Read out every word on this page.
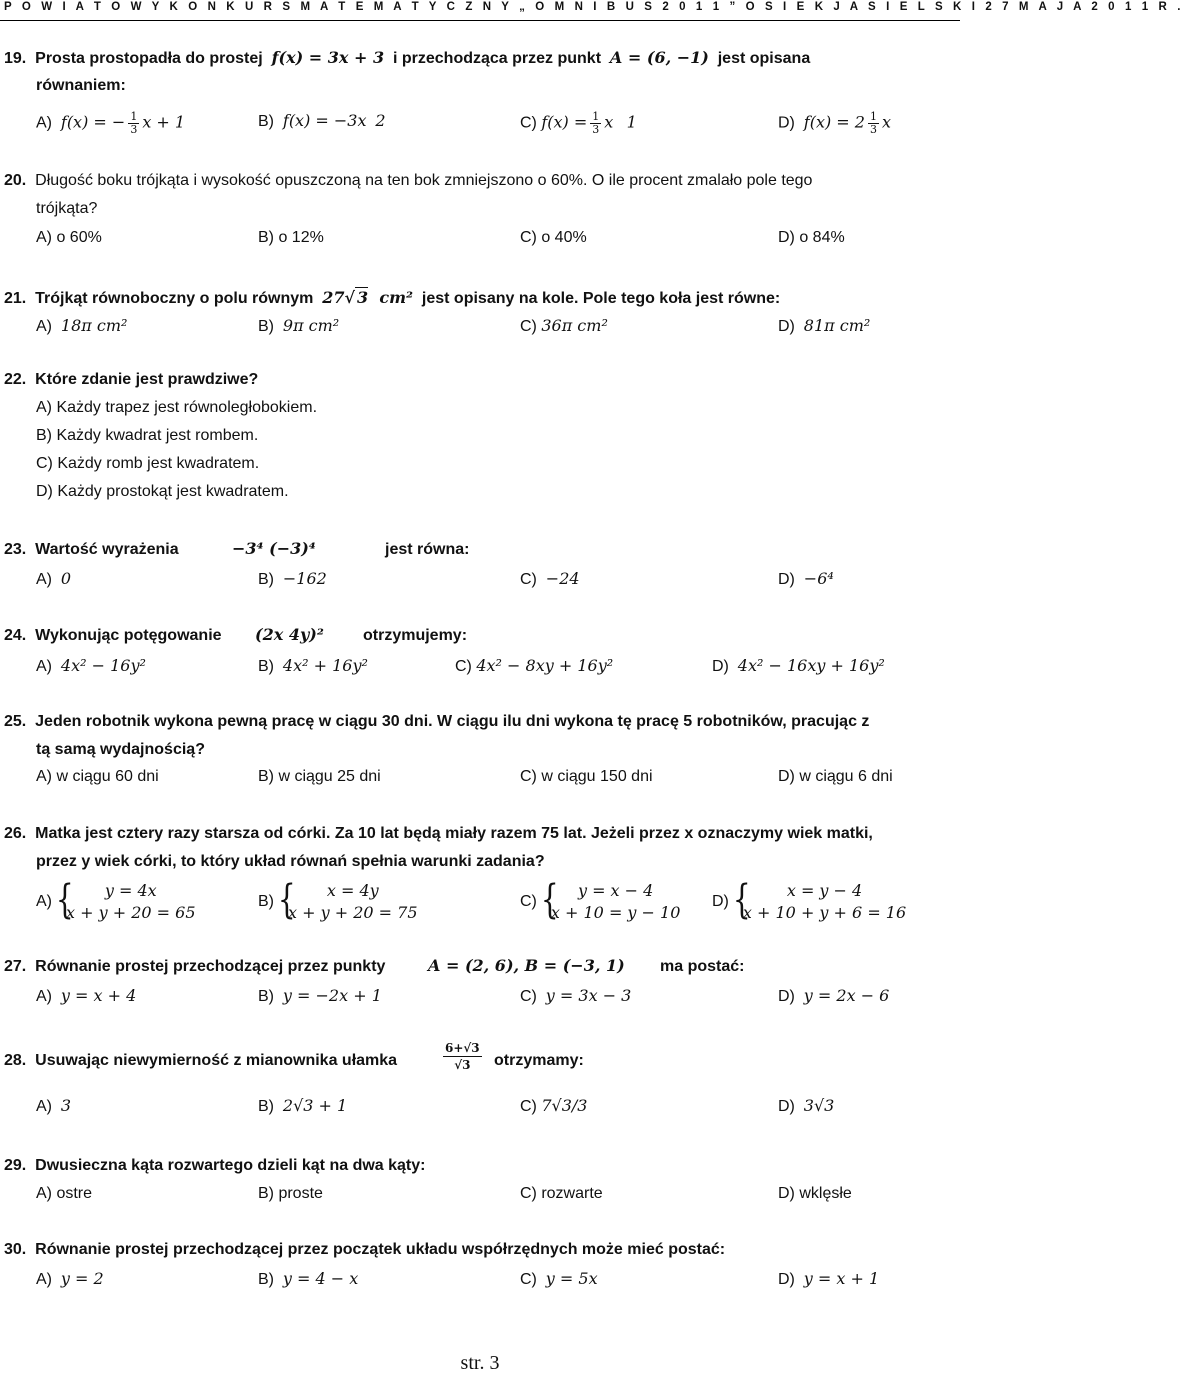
P O W I A T O W Y K O N K U R S M A T E M A T Y C Z N Y „ O M N I B U S 2 0 1 1 ” O S I E K J A S I E L S K I 2 7 M A J A 2 0 1 1 R .
19.  Prosta prostopadła do prostej  f(x) = 3x + 3  i przechodząca przez punkt  A = (6, −1)  jest opisana
równaniem:
A) f(x) = − $\frac{1}{3}$ x + 1	B) f(x) = −3x 2	C) $f(x) = \frac{1}{3}$ x 1	D) $f(x) = 2 \frac{1}{3}$ x
20. Długość boku trójkąta i wysokość opuszczoną na ten bok zmniejszono o 60%. O ile procent zmalało pole tego
trójkąta?
A) o 60%	B) o 12%	C) o 40%	D) o 84%
21.  Trójkąt równoboczny o polu równym  27√ 3  cm²  jest opisany na kole. Pole tego koła jest równe:
A) 18π cm²	B) 9π cm²	C) 36π cm²	D) 81π cm²
22. Które zdanie jest prawdziwe?
A) Każdy trapez jest równoległobokiem.
B) Każdy kwadrat jest rombem.
C) Każdy romb jest kwadratem.
D) Każdy prostokąt jest kwadratem.
23. Wartość wyrażenia	−3⁴ (−3)⁴	jest równa:
A) 0	B) −162	C) −24	D) −6⁴
24. Wykonując potęgowanie (2x 4y)² otrzymujemy:
A) 4x² − 16y²	B) 4x² + 16y²	C) 4x² − 8xy + 16y²	D) 4x² − 16xy + 16y²
25. Jeden robotnik wykona pewną pracę w ciągu 30 dni. W ciągu ilu dni wykona tę pracę 5 robotników, pracując z
tą samą wydajnością?
A) w ciągu 60 dni	B) w ciągu 25 dni	C) w ciągu 150 dni	D) w ciągu 6 dni
26. Matka jest cztery razy starsza od córki. Za 10 lat będą miały razem 75 lat. Jeżeli przez x oznaczymy wiek matki,
przez y wiek córki, to który układ równań spełnia warunki zadania?
A) {	y = 4x
x + y + 20 = 65
B) {	x = 4y
x + y + 20 = 75
C) {	y = x − 4
x + 10 = y − 10
D) {	x = y − 4
x + 10 + y + 6 = 16
27. Równanie prostej przechodzącej przez punkty	A = (2, 6), B = (−3, 1) ma postać:
A) y = x + 4	B) y = −2x + 1	C) y = 3x − 3	D) y = 2x − 6
28. Usuwając niewymierność z mianownika ułamka	$\frac{6+√3}{√3}$ otrzymamy:
A) 3	B) 2√3 + 1	C) 7√3/3	D) 3√3
29. Dwusieczna kąta rozwartego dzieli kąt na dwa kąty:
A) ostre	B) proste	C) rozwarte	D) wklęsłe
30. Równanie prostej przechodzącej przez początek układu współrzędnych może mieć postać:
A) y = 2	B) y = 4 − x	C) y = 5x	D) y = x + 1
str. 3
